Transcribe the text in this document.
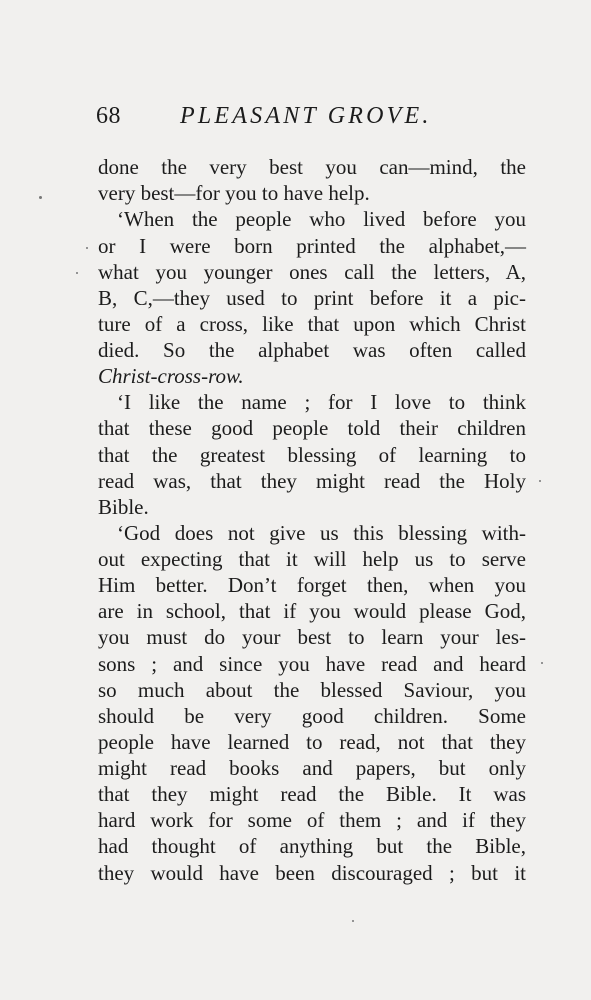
68 PLEASANT GROVE.
done the very best you can—mind, the
very best—for you to have help.
‘When the people who lived before you
or I were born printed the alphabet,—
what you younger ones call the letters, A,
B, C,—they used to print before it a pic-
ture of a cross, like that upon which Christ
died. So the alphabet was often called
Christ-cross-row.
‘I like the name ; for I love to think
that these good people told their children
that the greatest blessing of learning to
read was, that they might read the Holy
Bible.
‘God does not give us this blessing with-
out expecting that it will help us to serve
Him better. Don’t forget then, when you
are in school, that if you would please God,
you must do your best to learn your les-
sons ; and since you have read and heard
so much about the blessed Saviour, you
should be very good children. Some
people have learned to read, not that they
might read books and papers, but only
that they might read the Bible. It was
hard work for some of them ; and if they
had thought of anything but the Bible,
they would have been discouraged ; but it
